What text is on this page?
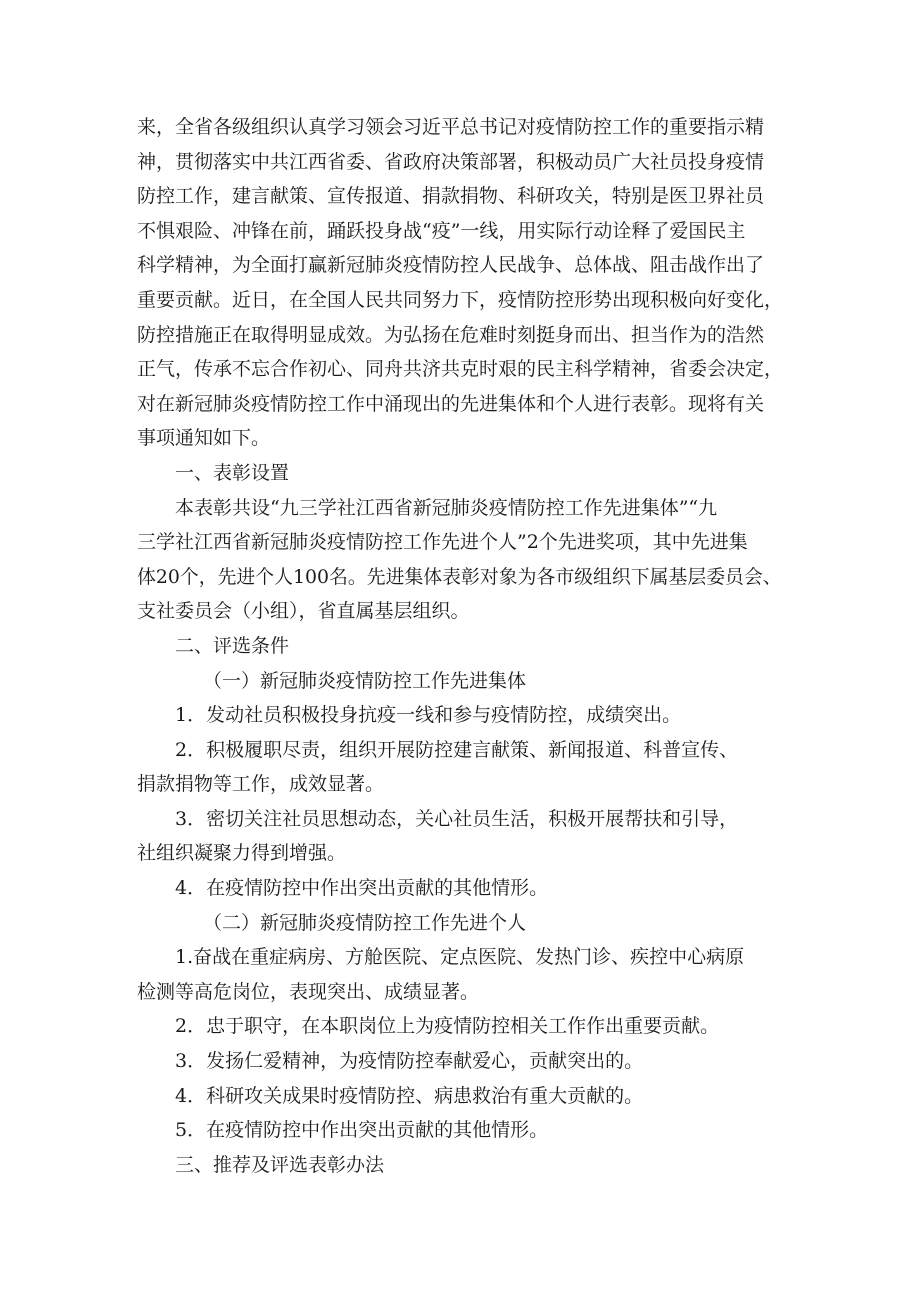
来，全省各级组织认真学习领会习近平总书记对疫情防控工作的重要指示精
神，贯彻落实中共江西省委、省政府决策部署，积极动员广大社员投身疫情
防控工作，建言献策、宣传报道、捐款捐物、科研攻关，特别是医卫界社员
不惧艰险、冲锋在前，踊跃投身战“疫”一线，用实际行动诠释了爱国民主
科学精神，为全面打赢新冠肺炎疫情防控人民战争、总体战、阻击战作出了
重要贡献。近日，在全国人民共同努力下，疫情防控形势出现积极向好变化，
防控措施正在取得明显成效。为弘扬在危难时刻挺身而出、担当作为的浩然
正气，传承不忘合作初心、同舟共济共克时艰的民主科学精神，省委会决定，
对在新冠肺炎疫情防控工作中涌现出的先进集体和个人进行表彰。现将有关
事项通知如下。
一、表彰设置
本表彰共设“九三学社江西省新冠肺炎疫情防控工作先进集体”“九
三学社江西省新冠肺炎疫情防控工作先进个人”2个先进奖项，其中先进集
体20个，先进个人100名。先进集体表彰对象为各市级组织下属基层委员会、
支社委员会（小组），省直属基层组织。
二、评选条件
（一）新冠肺炎疫情防控工作先进集体
1．发动社员积极投身抗疫一线和参与疫情防控，成绩突出。
2．积极履职尽责，组织开展防控建言献策、新闻报道、科普宣传、
捐款捐物等工作，成效显著。
3．密切关注社员思想动态，关心社员生活，积极开展帮扶和引导，
社组织凝聚力得到增强。
4．在疫情防控中作出突出贡献的其他情形。
（二）新冠肺炎疫情防控工作先进个人
1.奋战在重症病房、方舱医院、定点医院、发热门诊、疾控中心病原
检测等高危岗位，表现突出、成绩显著。
2．忠于职守，在本职岗位上为疫情防控相关工作作出重要贡献。
3．发扬仁爱精神，为疫情防控奉献爱心，贡献突出的。
4．科研攻关成果时疫情防控、病患救治有重大贡献的。
5．在疫情防控中作出突出贡献的其他情形。
三、推荐及评选表彰办法
